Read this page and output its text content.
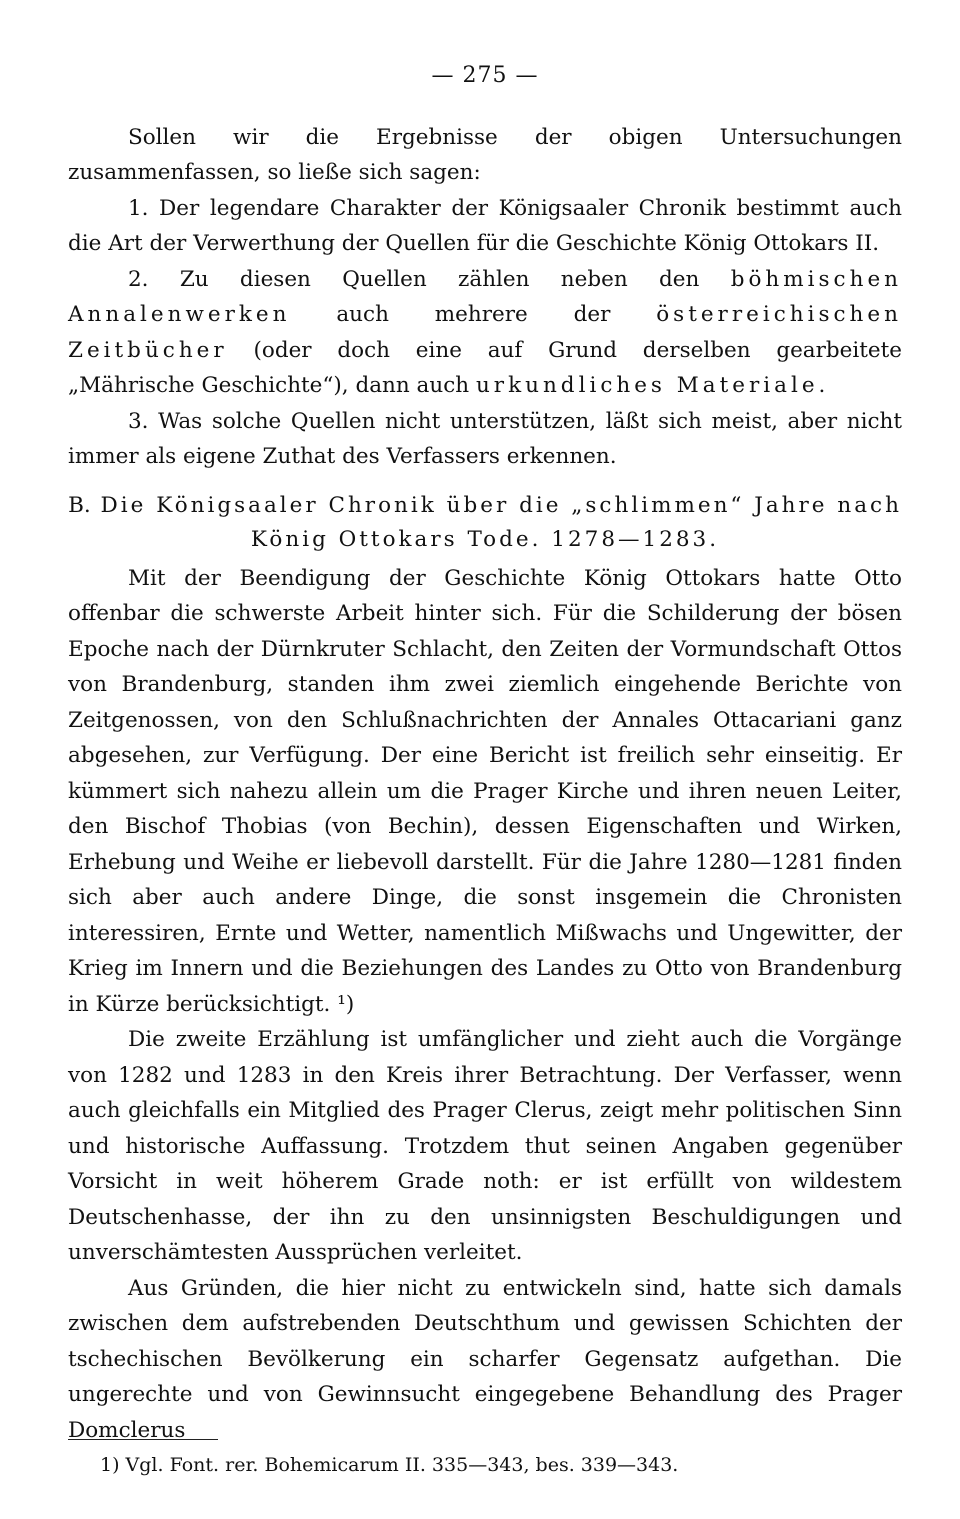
— 275 —

Sollen wir die Ergebnisse der obigen Untersuchungen zusammenfassen, so ließe sich sagen:

1. Der legendare Charakter der Königsaaler Chronik bestimmt auch die Art der Verwerthung der Quellen für die Geschichte König Ottokars II.

2. Zu diesen Quellen zählen neben den böhmischen Annalenwerken auch mehrere der österreichischen Zeitbücher (oder doch eine auf Grund derselben gearbeitete „Mährische Geschichte“), dann auch urkundliches Materiale.

3. Was solche Quellen nicht unterstützen, läßt sich meist, aber nicht immer als eigene Zuthat des Verfassers erkennen.

B. Die Königsaaler Chronik über die „schlimmen“ Jahre nach König Ottokars Tode. 1278—1283.

Mit der Beendigung der Geschichte König Ottokars hatte Otto offenbar die schwerste Arbeit hinter sich. Für die Schilderung der bösen Epoche nach der Dürnkruter Schlacht, den Zeiten der Vormundschaft Ottos von Brandenburg, standen ihm zwei ziemlich eingehende Berichte von Zeitgenossen, von den Schlußnachrichten der Annales Ottacariani ganz abgesehen, zur Verfügung. Der eine Bericht ist freilich sehr einseitig. Er kümmert sich nahezu allein um die Prager Kirche und ihren neuen Leiter, den Bischof Thobias (von Bechin), dessen Eigenschaften und Wirken, Erhebung und Weihe er liebevoll darstellt. Für die Jahre 1280—1281 finden sich aber auch andere Dinge, die sonst insgemein die Chronisten interessiren, Ernte und Wetter, namentlich Mißwachs und Ungewitter, der Krieg im Innern und die Beziehungen des Landes zu Otto von Brandenburg in Kürze berücksichtigt. ¹)

Die zweite Erzählung ist umfänglicher und zieht auch die Vorgänge von 1282 und 1283 in den Kreis ihrer Betrachtung. Der Verfasser, wenn auch gleichfalls ein Mitglied des Prager Clerus, zeigt mehr politischen Sinn und historische Auffassung. Trotzdem thut seinen Angaben gegenüber Vorsicht in weit höherem Grade noth: er ist erfüllt von wildestem Deutschenhasse, der ihn zu den unsinnigsten Beschuldigungen und unverschämtesten Aussprüchen verleitet.

Aus Gründen, die hier nicht zu entwickeln sind, hatte sich damals zwischen dem aufstrebenden Deutschthum und gewissen Schichten der tschechischen Bevölkerung ein scharfer Gegensatz aufgethan. Die ungerechte und von Gewinnsucht eingegebene Behandlung des Prager Domclerus

1) Vgl. Font. rer. Bohemicarum II. 335—343, bes. 339—343.
